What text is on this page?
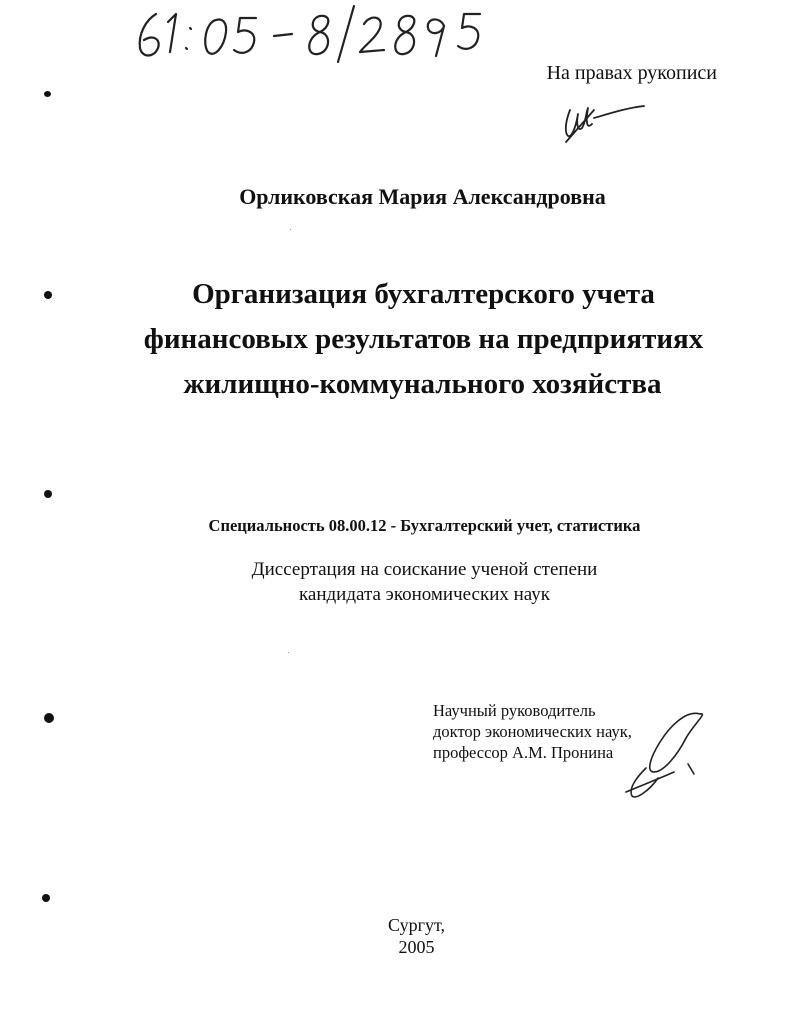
На правах рукописи
Орликовская Мария Александровна
Организация бухгалтерского учета
финансовых результатов на предприятиях
жилищно-коммунального хозяйства
Специальность 08.00.12 - Бухгалтерский учет, статистика
Диссертация на соискание ученой степени
кандидата экономических наук
Научный руководитель
доктор экономических наук,
профессор А.М. Пронина
Сургут,
2005
